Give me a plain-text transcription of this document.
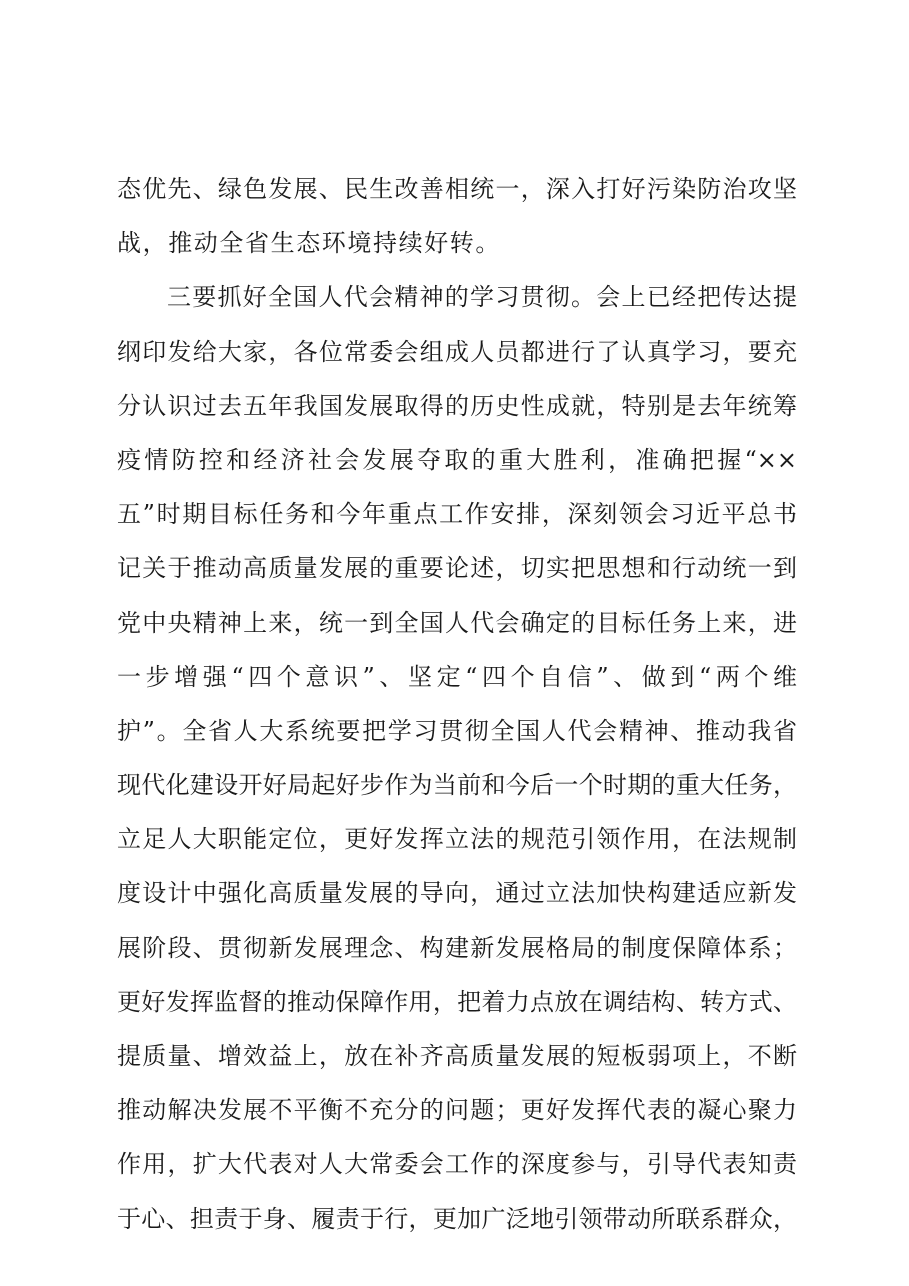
态优先、绿色发展、民生改善相统一，深入打好污染防治攻坚
战，推动全省生态环境持续好转。
三要抓好全国人代会精神的学习贯彻。会上已经把传达提
纲印发给大家，各位常委会组成人员都进行了认真学习，要充
分认识过去五年我国发展取得的历史性成就，特别是去年统筹
疫情防控和经济社会发展夺取的重大胜利，准确把握“××
五”时期目标任务和今年重点工作安排，深刻领会习近平总书
记关于推动高质量发展的重要论述，切实把思想和行动统一到
党中央精神上来，统一到全国人代会确定的目标任务上来，进
一步增强“四个意识”、坚定“四个自信”、做到“两个维
护”。全省人大系统要把学习贯彻全国人代会精神、推动我省
现代化建设开好局起好步作为当前和今后一个时期的重大任务，
立足人大职能定位，更好发挥立法的规范引领作用，在法规制
度设计中强化高质量发展的导向，通过立法加快构建适应新发
展阶段、贯彻新发展理念、构建新发展格局的制度保障体系；
更好发挥监督的推动保障作用，把着力点放在调结构、转方式、
提质量、增效益上，放在补齐高质量发展的短板弱项上，不断
推动解决发展不平衡不充分的问题；更好发挥代表的凝心聚力
作用，扩大代表对人大常委会工作的深度参与，引导代表知责
于心、担责于身、履责于行，更加广泛地引领带动所联系群众，
